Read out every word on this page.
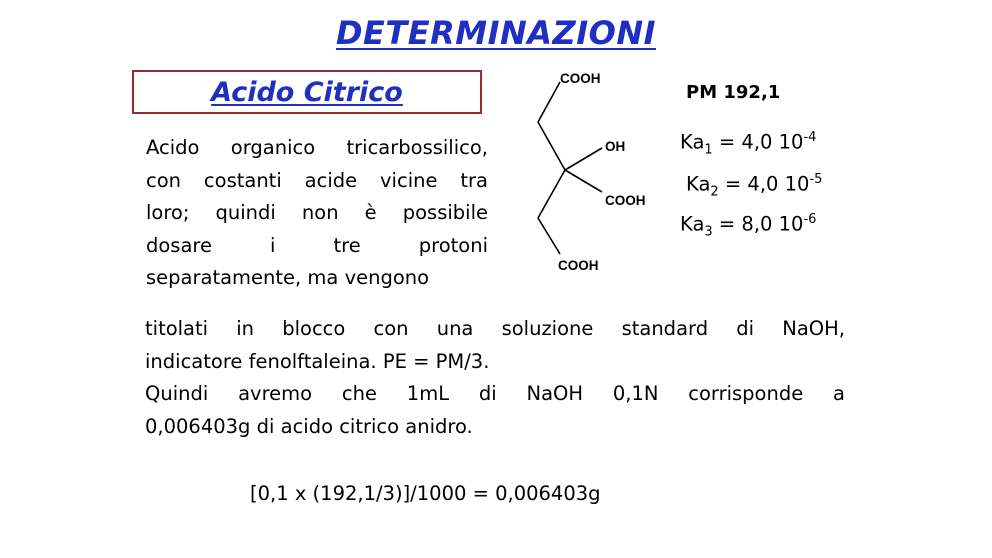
DETERMINAZIONI
Acido Citrico
Acido organico tricarbossilico,
con costanti acide vicine tra
loro; quindi non è possibile
dosare i tre protoni
separatamente, ma vengono
COOH
OH
COOH
COOH
PM 192,1
$Ka_1 = 4,0$ $10^{-4}$
$Ka_2 = 4,0$ $10^{-5}$
$Ka_3 = 8,0$ $10^{-6}$
titolati in blocco con una soluzione standard di NaOH,
indicatore fenolftaleina. PE = PM/3.
Quindi avremo che 1mL di NaOH 0,1N corrisponde a
0,006403g di acido citrico anidro.
[0,1 x (192,1/3)]/1000 = 0,006403g
